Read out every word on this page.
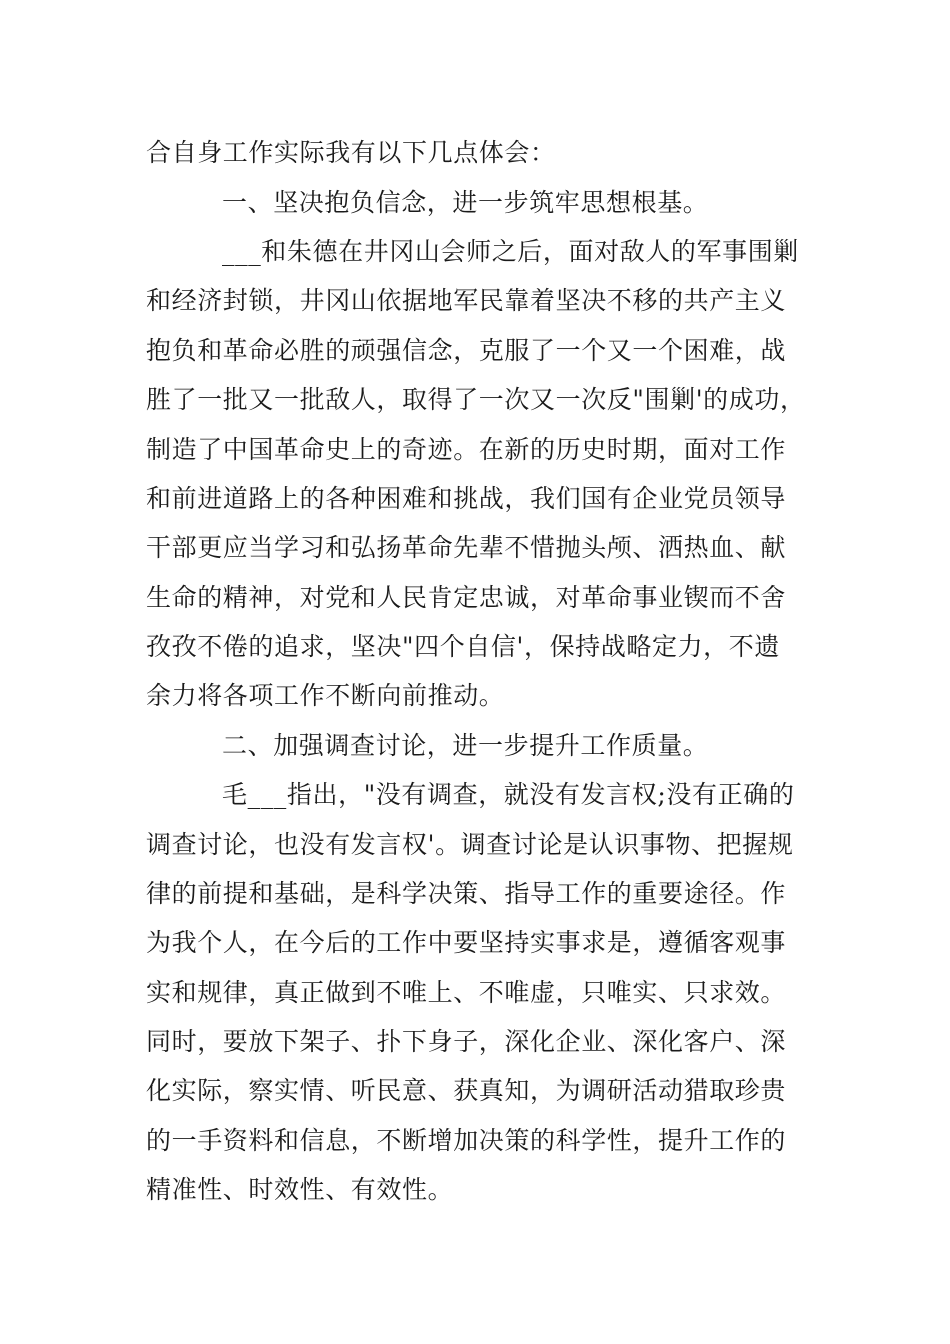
合自身工作实际我有以下几点体会：
一、坚决抱负信念，进一步筑牢思想根基。
___和朱德在井冈山会师之后，面对敌人的军事围剿
和经济封锁，井冈山依据地军民靠着坚决不移的共产主义
抱负和革命必胜的顽强信念，克服了一个又一个困难，战
胜了一批又一批敌人，取得了一次又一次反"围剿'的成功，
制造了中国革命史上的奇迹。在新的历史时期，面对工作
和前进道路上的各种困难和挑战，我们国有企业党员领导
干部更应当学习和弘扬革命先辈不惜抛头颅、洒热血、献
生命的精神，对党和人民肯定忠诚，对革命事业锲而不舍
孜孜不倦的追求，坚决"四个自信'，保持战略定力，不遗
余力将各项工作不断向前推动。
二、加强调查讨论，进一步提升工作质量。
毛___指出，"没有调查，就没有发言权;没有正确的
调查讨论，也没有发言权'。调查讨论是认识事物、把握规
律的前提和基础，是科学决策、指导工作的重要途径。作
为我个人，在今后的工作中要坚持实事求是，遵循客观事
实和规律，真正做到不唯上、不唯虚，只唯实、只求效。
同时，要放下架子、扑下身子，深化企业、深化客户、深
化实际，察实情、听民意、获真知，为调研活动猎取珍贵
的一手资料和信息，不断增加决策的科学性，提升工作的
精准性、时效性、有效性。
